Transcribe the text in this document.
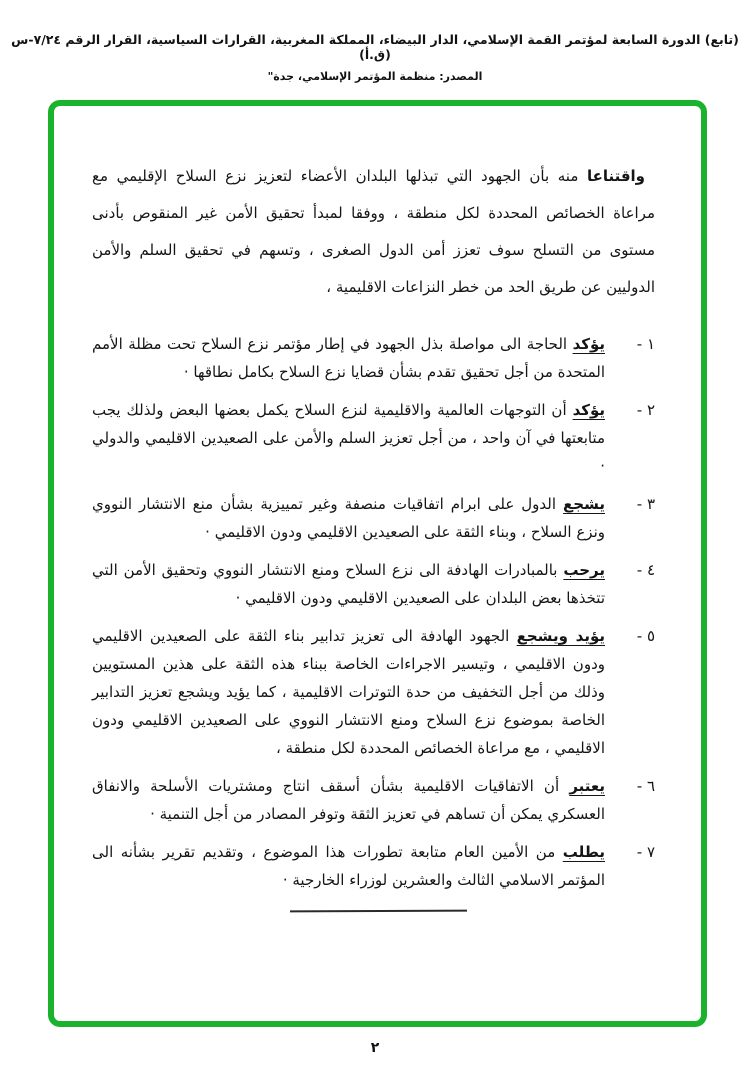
(تابع) الدورة السابعة لمؤتمر القمة الإسلامي، الدار البيضاء، المملكة المغربية، القرارات السياسية، القرار الرقم ٧/٢٤-س (ق.أ)
المصدر: منظمة المؤتمر الإسلامي، جدة"

واقتناعا منه بأن الجهود التي تبذلها البلدان الأعضاء لتعزيز نزع السلاح الإقليمي مع مراعاة الخصائص المحددة لكل منطقة ، ووفقا لمبدأ تحقيق الأمن غير المنقوص بأدنى مستوى من التسلح سوف تعزز أمن الدول الصغرى ، وتسهم في تحقيق السلم والأمن الدوليين عن طريق الحد من خطر النزاعات الاقليمية ،

١ -

يؤكد الحاجة الى مواصلة بذل الجهود في إطار مؤتمر نزع السلاح تحت مظلة الأمم المتحدة من أجل تحقيق تقدم بشأن قضايا نزع السلاح بكامل نطاقها ·

٢ -

يؤكد أن التوجهات العالمية والاقليمية لنزع السلاح يكمل بعضها البعض ولذلك يجب متابعتها في آن واحد ، من أجل تعزيز السلم والأمن على الصعيدين الاقليمي والدولي ·

٣ -

يشجع الدول على ابرام اتفاقيات منصفة وغير تمييزية بشأن منع الانتشار النووي ونزع السلاح ، وبناء الثقة على الصعيدين الاقليمي ودون الاقليمي ·

٤ -

يرحب بالمبادرات الهادفة الى نزع السلاح ومنع الانتشار النووي وتحقيق الأمن التي تتخذها بعض البلدان على الصعيدين الاقليمي ودون الاقليمي ·

٥ -

يؤيد ويشجع الجهود الهادفة الى تعزيز تدابير بناء الثقة على الصعيدين الاقليمي ودون الاقليمي ، وتيسير الاجراءات الخاصة ببناء هذه الثقة على هذين المستويين وذلك من أجل التخفيف من حدة التوترات الاقليمية ، كما يؤيد ويشجع تعزيز التدابير الخاصة بموضوع نزع السلاح ومنع الانتشار النووي على الصعيدين الاقليمي ودون الاقليمي ، مع مراعاة الخصائص المحددة لكل منطقة ،

٦ -

يعتبر أن الاتفاقيات الاقليمية بشأن أسقف انتاج ومشتريات الأسلحة والانفاق العسكري يمكن أن تساهم في تعزيز الثقة وتوفر المصادر من أجل التنمية ·

٧ -

يطلب من الأمين العام متابعة تطورات هذا الموضوع ، وتقديم تقرير بشأنه الى المؤتمر الاسلامي الثالث والعشرين لوزراء الخارجية ·

٢
